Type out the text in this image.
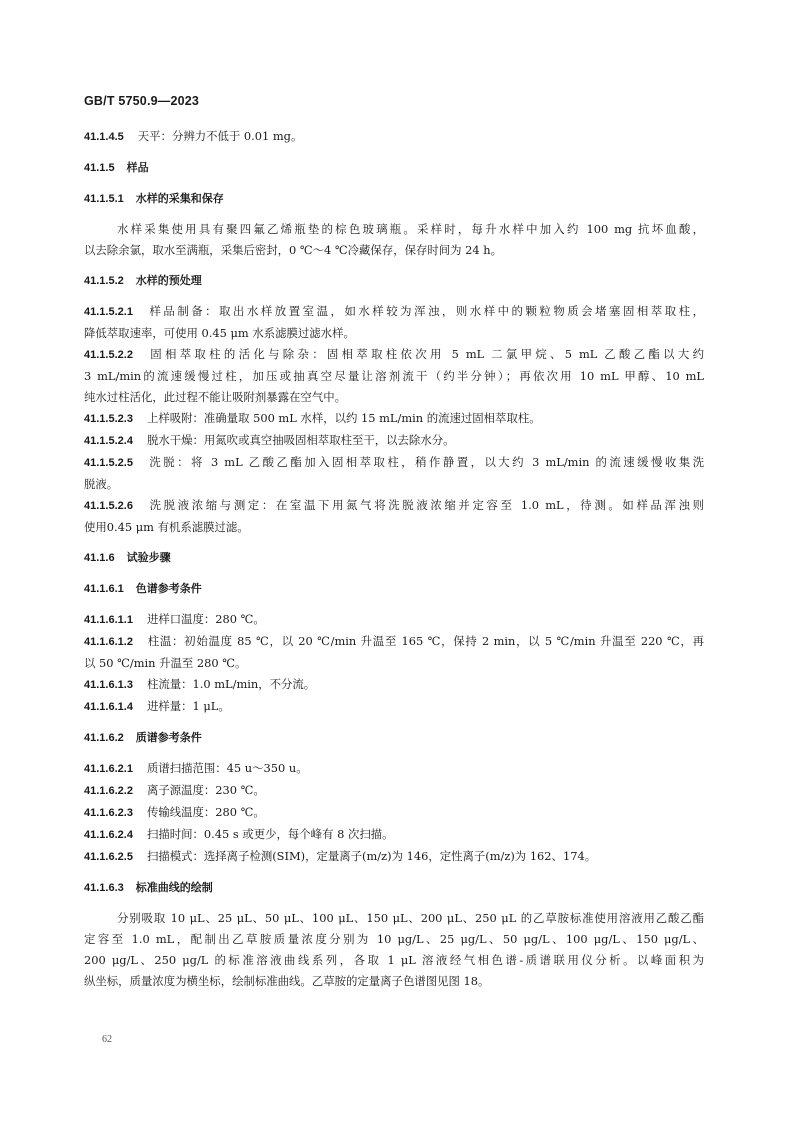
GB/T 5750.9—2023
41.1.4.5 天平：分辨力不低于 0.01 mg。
41.1.5 样品
41.1.5.1 水样的采集和保存
水样采集使用具有聚四氟乙烯瓶垫的棕色玻璃瓶。采样时，每升水样中加入约 100 mg 抗坏血酸，
以去除余氯，取水至满瓶，采集后密封，0 ℃～4 ℃冷藏保存，保存时间为 24 h。
41.1.5.2 水样的预处理
41.1.5.2.1 样品制备：取出水样放置室温，如水样较为浑浊，则水样中的颗粒物质会堵塞固相萃取柱，
降低萃取速率，可使用 0.45 μm 水系滤膜过滤水样。
41.1.5.2.2 固相萃取柱的活化与除杂：固相萃取柱依次用 5 mL 二氯甲烷、5 mL 乙酸乙酯以大约
3 mL/min的流速缓慢过柱，加压或抽真空尽量让溶剂流干（约半分钟）；再依次用 10 mL 甲醇、10 mL
纯水过柱活化，此过程不能让吸附剂暴露在空气中。
41.1.5.2.3 上样吸附：准确量取 500 mL 水样，以约 15 mL/min 的流速过固相萃取柱。
41.1.5.2.4 脱水干燥：用氮吹或真空抽吸固相萃取柱至干，以去除水分。
41.1.5.2.5 洗脱：将 3 mL 乙酸乙酯加入固相萃取柱，稍作静置，以大约 3 mL/min 的流速缓慢收集洗
脱液。
41.1.5.2.6 洗脱液浓缩与测定：在室温下用氮气将洗脱液浓缩并定容至 1.0 mL，待测。如样品浑浊则
使用0.45 μm 有机系滤膜过滤。
41.1.6 试验步骤
41.1.6.1 色谱参考条件
41.1.6.1.1 进样口温度：280 ℃。
41.1.6.1.2 柱温：初始温度 85 ℃，以 20 ℃/min 升温至 165 ℃，保持 2 min，以 5 ℃/min 升温至 220 ℃，再
以 50 ℃/min 升温至 280 ℃。
41.1.6.1.3 柱流量：1.0 mL/min，不分流。
41.1.6.1.4 进样量：1 μL。
41.1.6.2 质谱参考条件
41.1.6.2.1 质谱扫描范围：45 u～350 u。
41.1.6.2.2 离子源温度：230 ℃。
41.1.6.2.3 传输线温度：280 ℃。
41.1.6.2.4 扫描时间：0.45 s 或更少，每个峰有 8 次扫描。
41.1.6.2.5 扫描模式：选择离子检测(SIM)，定量离子(m/z)为 146，定性离子(m/z)为 162、174。
41.1.6.3 标准曲线的绘制
分别吸取 10 μL、25 μL、50 μL、100 μL、150 μL、200 μL、250 μL 的乙草胺标准使用溶液用乙酸乙酯
定容至 1.0 mL，配制出乙草胺质量浓度分别为 10 μg/L、25 μg/L、50 μg/L、100 μg/L、150 μg/L、
200 μg/L、250 μg/L 的标准溶液曲线系列，各取 1 μL 溶液经气相色谱-质谱联用仪分析。以峰面积为
纵坐标，质量浓度为横坐标，绘制标准曲线。乙草胺的定量离子色谱图见图 18。
62
